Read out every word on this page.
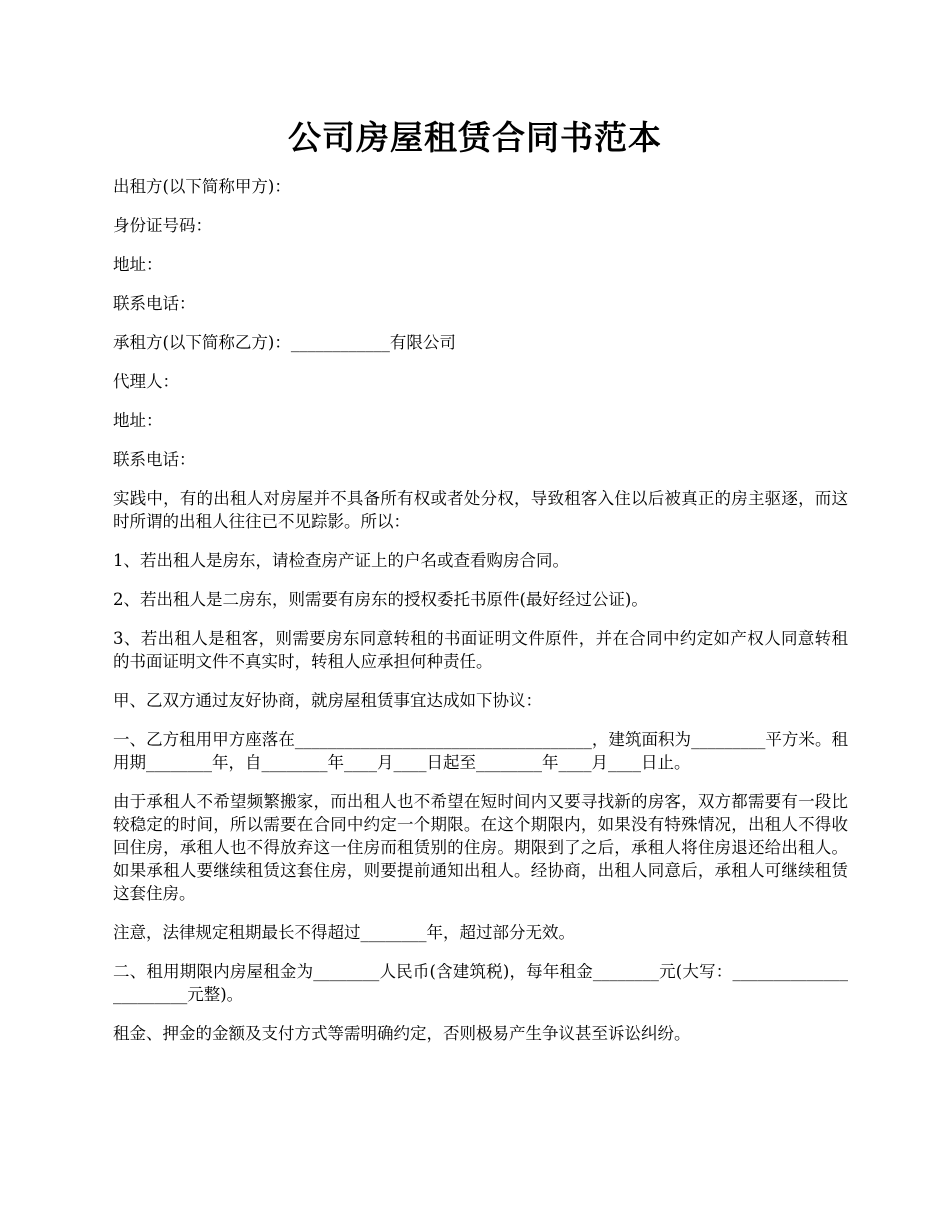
公司房屋租赁合同书范本

出租方(以下简称甲方)：

身份证号码：

地址：

联系电话：

承租方(以下简称乙方)：____________有限公司

代理人：

地址：

联系电话：

实践中，有的出租人对房屋并不具备所有权或者处分权，导致租客入住以后被真正的房主驱逐，而这时所谓的出租人往往已不见踪影。所以：

1、若出租人是房东，请检查房产证上的户名或查看购房合同。

2、若出租人是二房东，则需要有房东的授权委托书原件(最好经过公证)。

3、若出租人是租客，则需要房东同意转租的书面证明文件原件，并在合同中约定如产权人同意转租的书面证明文件不真实时，转租人应承担何种责任。

甲、乙双方通过友好协商，就房屋租赁事宜达成如下协议：

一、乙方租用甲方座落在____________________________________，建筑面积为_________平方米。租用期________年，自________年____月____日起至________年____月____日止。

由于承租人不希望频繁搬家，而出租人也不希望在短时间内又要寻找新的房客，双方都需要有一段比较稳定的时间，所以需要在合同中约定一个期限。在这个期限内，如果没有特殊情况，出租人不得收回住房，承租人也不得放弃这一住房而租赁别的住房。期限到了之后，承租人将住房退还给出租人。如果承租人要继续租赁这套住房，则要提前通知出租人。经协商，出租人同意后，承租人可继续租赁这套住房。

注意，法律规定租期最长不得超过________年，超过部分无效。

二、租用期限内房屋租金为________人民币(含建筑税)，每年租金________元(大写：_______________________元整)。

租金、押金的金额及支付方式等需明确约定，否则极易产生争议甚至诉讼纠纷。
